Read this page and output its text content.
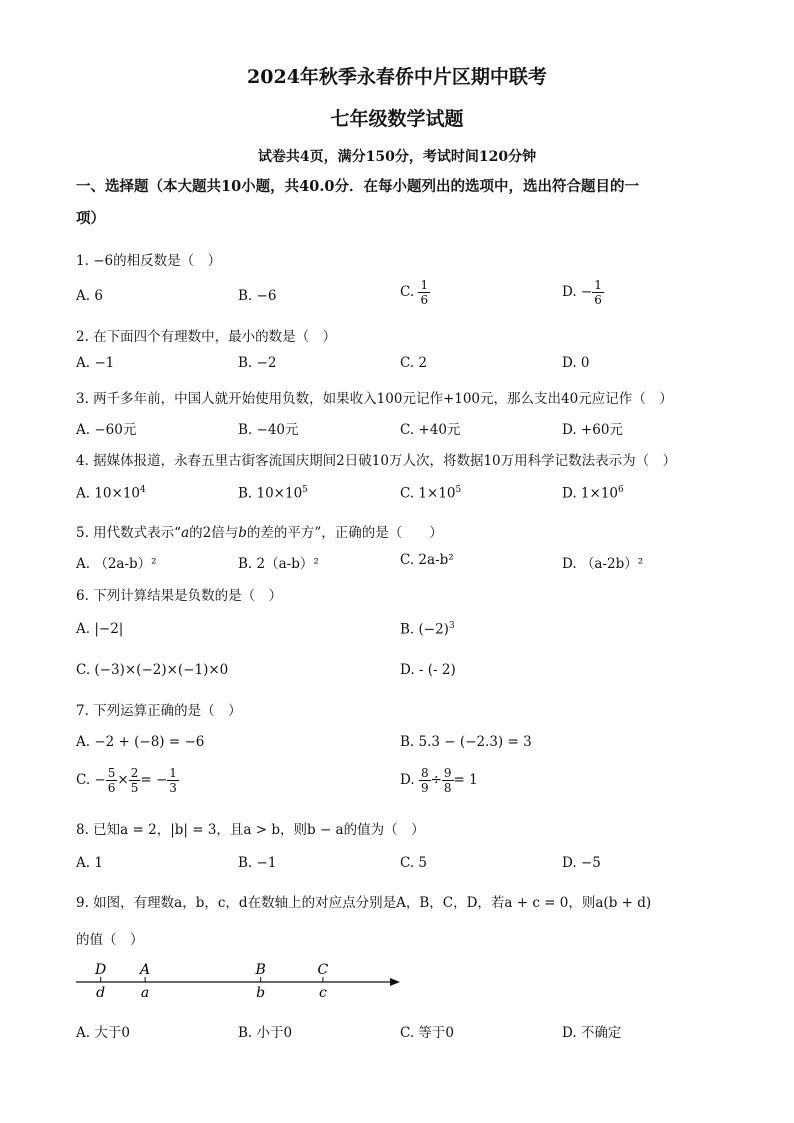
2024年秋季永春侨中片区期中联考
七年级数学试题
试卷共4页，满分150分，考试时间120分钟
一、选择题（本大题共10小题，共40.0分．在每小题列出的选项中，选出符合题目的一
项）
1. −6的相反数是（　）
A. 6	B. −6	C. $\frac{1}{6}$	D. − $\frac{1}{6}$
2. 在下面四个有理数中，最小的数是（　）
A. −1	B. −2	C. 2	D. 0
3. 两千多年前，中国人就开始使用负数，如果收入100元记作+100元，那么支出40元应记作（　）
A. −60元	B. −40元	C. +40元	D. +60元
4. 据媒体报道，永春五里古街客流国庆期间2日破10万人次，将数据10万用科学记数法表示为（　）
A. $10\times 10^4$	B. $10\times 10^5$	C. $1\times 10^5$	D. $1\times 10^6$
5. 用代数式表示“a的2倍与b的差的平方”，正确的是（　　）
A. （2a-b）²	B. 2（a-b）²	C. 2a-b²	D. （a-2b）²
6. 下列计算结果是负数的是（　）
A. |−2|	B. $(-2)^3$
C. (−3)×(−2)×(−1)×0	D. - (- 2)
7. 下列运算正确的是（　）
A. −2 + (−8) = −6	B. 5.3 − (−2.3) = 3
C. − $\frac{5}{6} \times \frac{2}{5}$ = − $\frac{1}{3}$	D. $\frac{8}{9} \div \frac{9}{8} = 1$
8. 已知a = 2，|b| = 3，且a > b，则b − a的值为（　）
A. 1	B. −1	C. 5	D. −5
9. 如图，有理数a，b，c，d在数轴上的对应点分别是A，B，C，D，若a + c = 0，则a(b + d)
的值（　）
D
d
A
a
B
b
C
c
A. 大于0	B. 小于0	C. 等于0	D. 不确定
